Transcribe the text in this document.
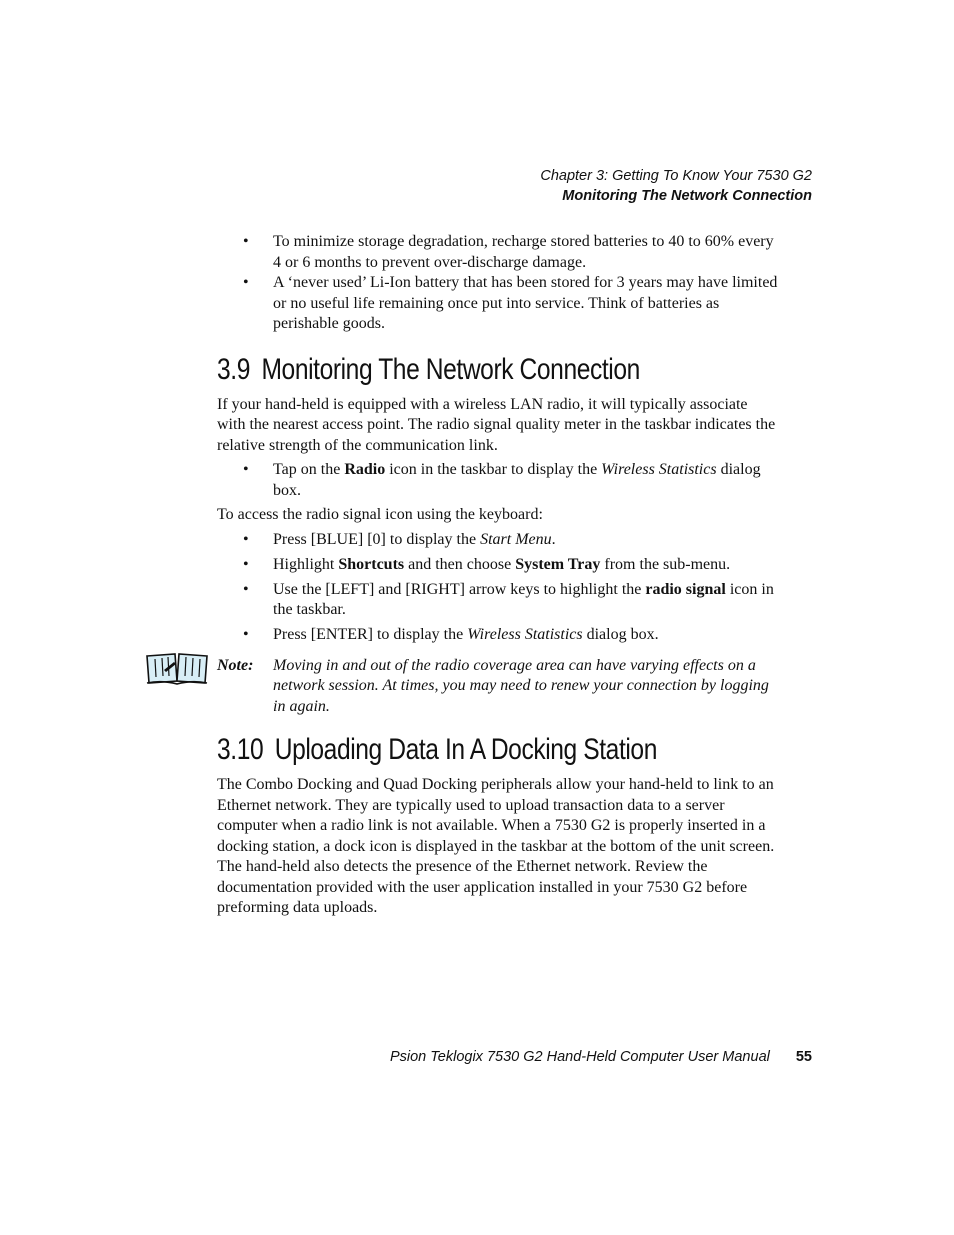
Chapter 3: Getting To Know Your 7530 G2
Monitoring The Network Connection
• To minimize storage degradation, recharge stored batteries to 40 to 60% every 4 or 6 months to prevent over-discharge damage.
• A ‘never used’ Li-Ion battery that has been stored for 3 years may have limited or no useful life remaining once put into service. Think of batteries as perishable goods.
3.9 Monitoring The Network Connection

If your hand-held is equipped with a wireless LAN radio, it will typically associate with the nearest access point. The radio signal quality meter in the taskbar indicates the relative strength of the communication link.

• Tap on the Radio icon in the taskbar to display the Wireless Statistics dialog box.

To access the radio signal icon using the keyboard:

• Press [BLUE] [0] to display the Start Menu.
• Highlight Shortcuts and then choose System Tray from the sub-menu.
• Use the [LEFT] and [RIGHT] arrow keys to highlight the radio signal icon in the taskbar.
• Press [ENTER] to display the Wireless Statistics dialog box.
Note: Moving in and out of the radio coverage area can have varying effects on a network session. At times, you may need to renew your connection by logging in again.
3.10 Uploading Data In A Docking Station

The Combo Docking and Quad Docking peripherals allow your hand-held to link to an Ethernet network. They are typically used to upload transaction data to a server computer when a radio link is not available. When a 7530 G2 is properly inserted in a docking station, a dock icon is displayed in the taskbar at the bottom of the unit screen. The hand-held also detects the presence of the Ethernet network. Review the documentation provided with the user application installed in your 7530 G2 before preforming data uploads.

Psion Teklogix 7530 G2 Hand-Held Computer User Manual 55
